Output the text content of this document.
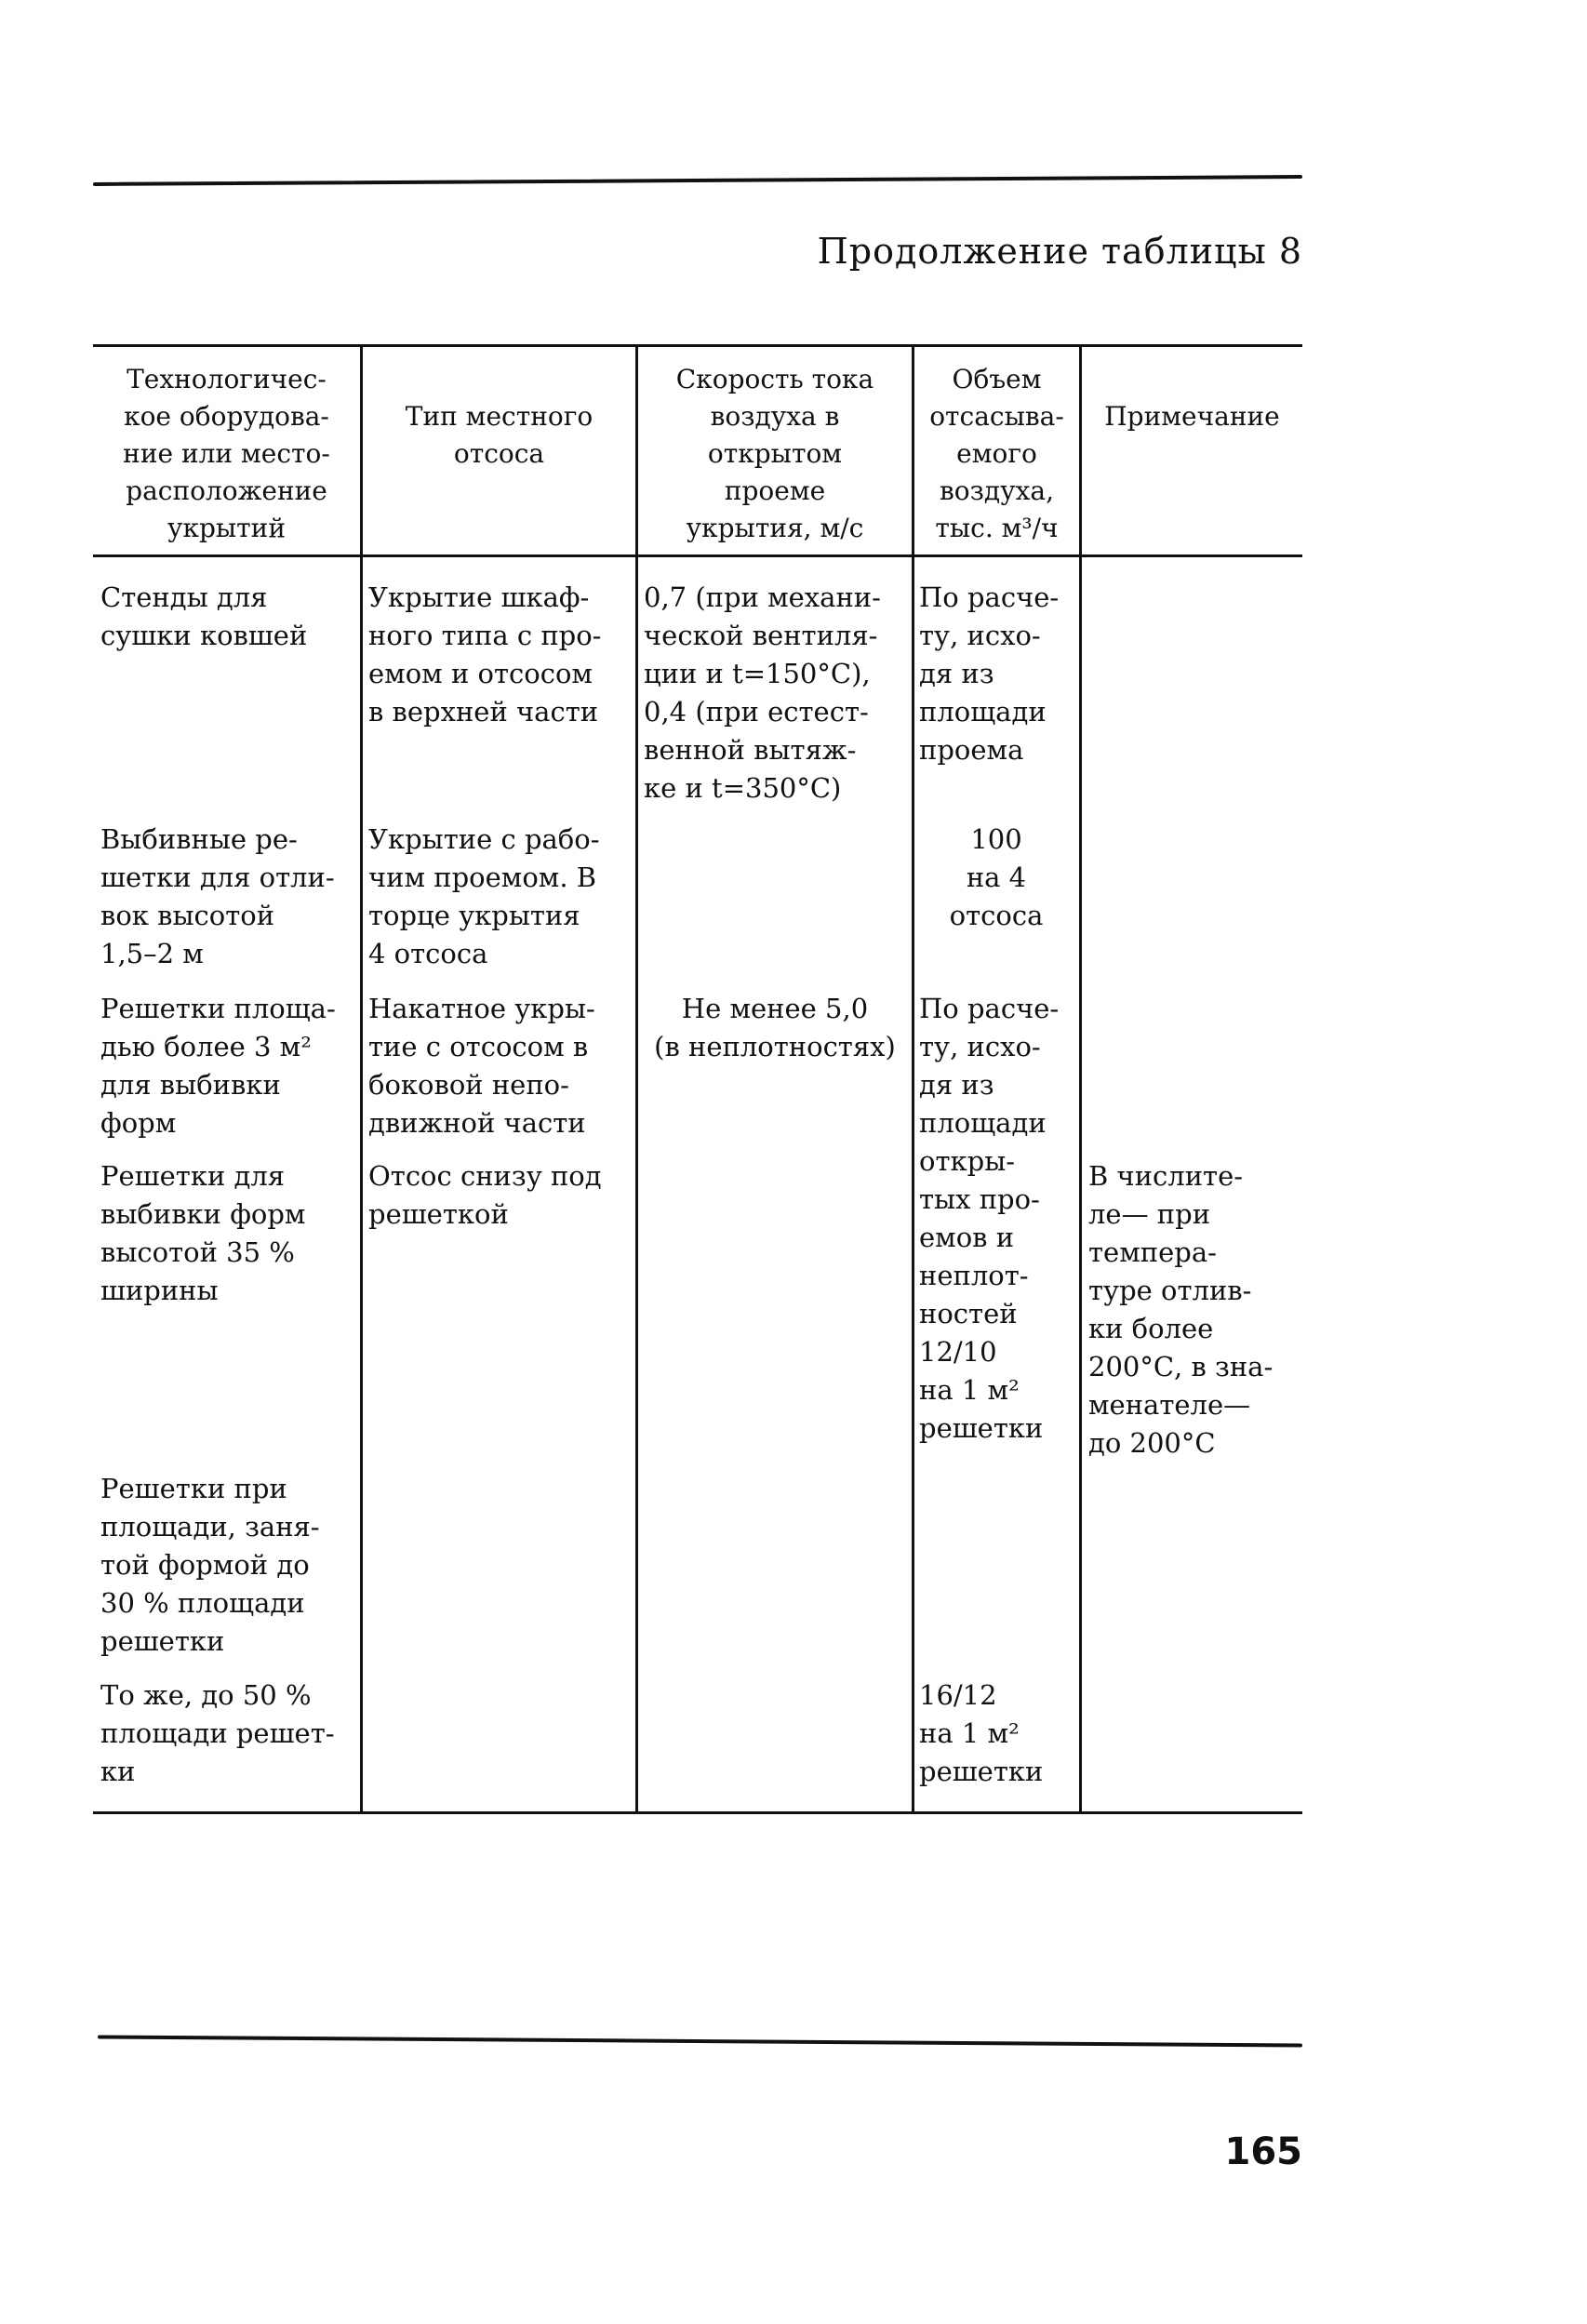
Продолжение таблицы 8
Технологичес-
кое оборудова-
ние или место-
расположение
укрытий
Тип местного
отсоса
Скорость тока
воздуха в
открытом
проеме
укрытия, м/с
Объем
отсасыва-
емого
воздуха,
тыс. м³/ч
Примечание
Стенды для
сушки ковшей
Выбивные ре-
шетки для отли-
вок высотой
1,5–2 м
Решетки площа-
дью более 3 м²
для выбивки
форм
Решетки для
выбивки форм
высотой 35 %
ширины
Решетки при
площади, заня-
той формой до
30 % площади
решетки
То же, до 50 %
площади решет-
ки
Укрытие шкаф-
ного типа с про-
емом и отсосом
в верхней части
Укрытие с рабо-
чим проемом. В
торце укрытия
4 отсоса
Накатное укры-
тие с отсосом в
боковой непо-
движной части
Отсос снизу под
решеткой
0,7 (при механи-
ческой вентиля-
ции и t=150°С),
0,4 (при естест-
венной вытяж-
ке и t=350°С)
Не менее 5,0
(в неплотностях)
По расче-
ту, исхо-
дя из
площади
проема
100
на 4
отсоса
По расче-
ту, исхо-
дя из
площади
откры-
тых про-
емов и
неплот-
ностей
12/10
на 1 м²
решетки
16/12
на 1 м²
решетки
В числите-
ле— при
темпера-
туре отлив-
ки более
200°С, в зна-
менателе—
до 200°С
165
